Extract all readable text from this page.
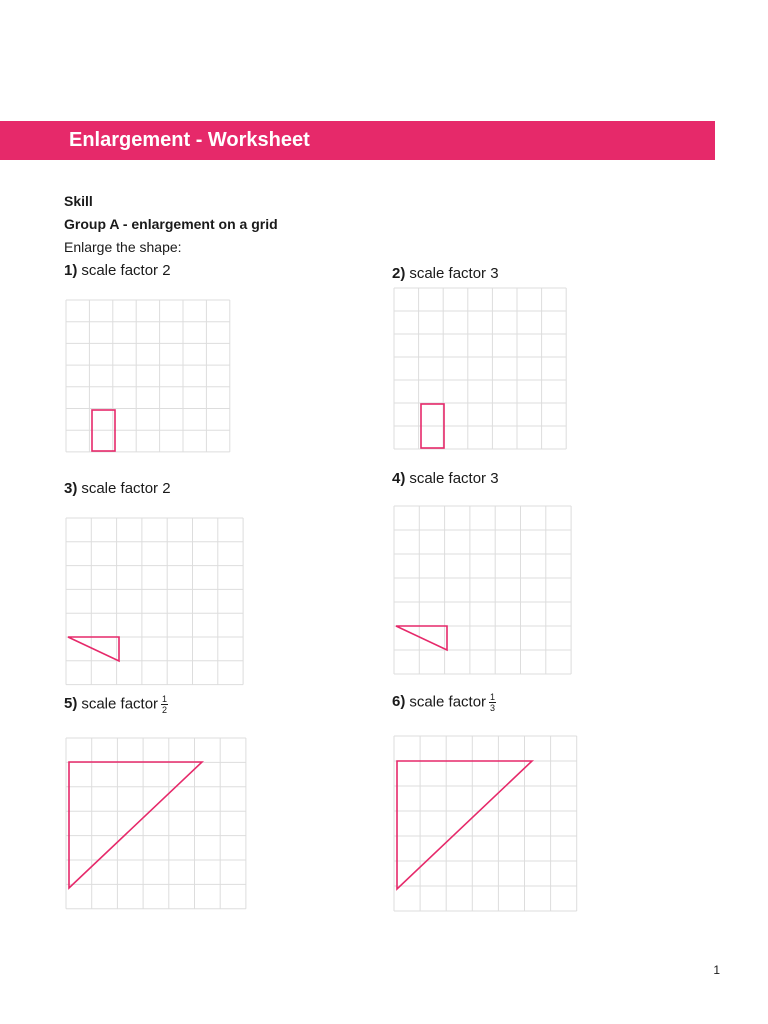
Enlargement - Worksheet
Skill
Group A - enlargement on a grid
Enlarge the shape:
1) scale factor 2	2) scale factor 3
3) scale factor 2
4) scale factor 3
5) scale factor $\frac{1}{2}$	6) scale factor $\frac{1}{3}$
1
